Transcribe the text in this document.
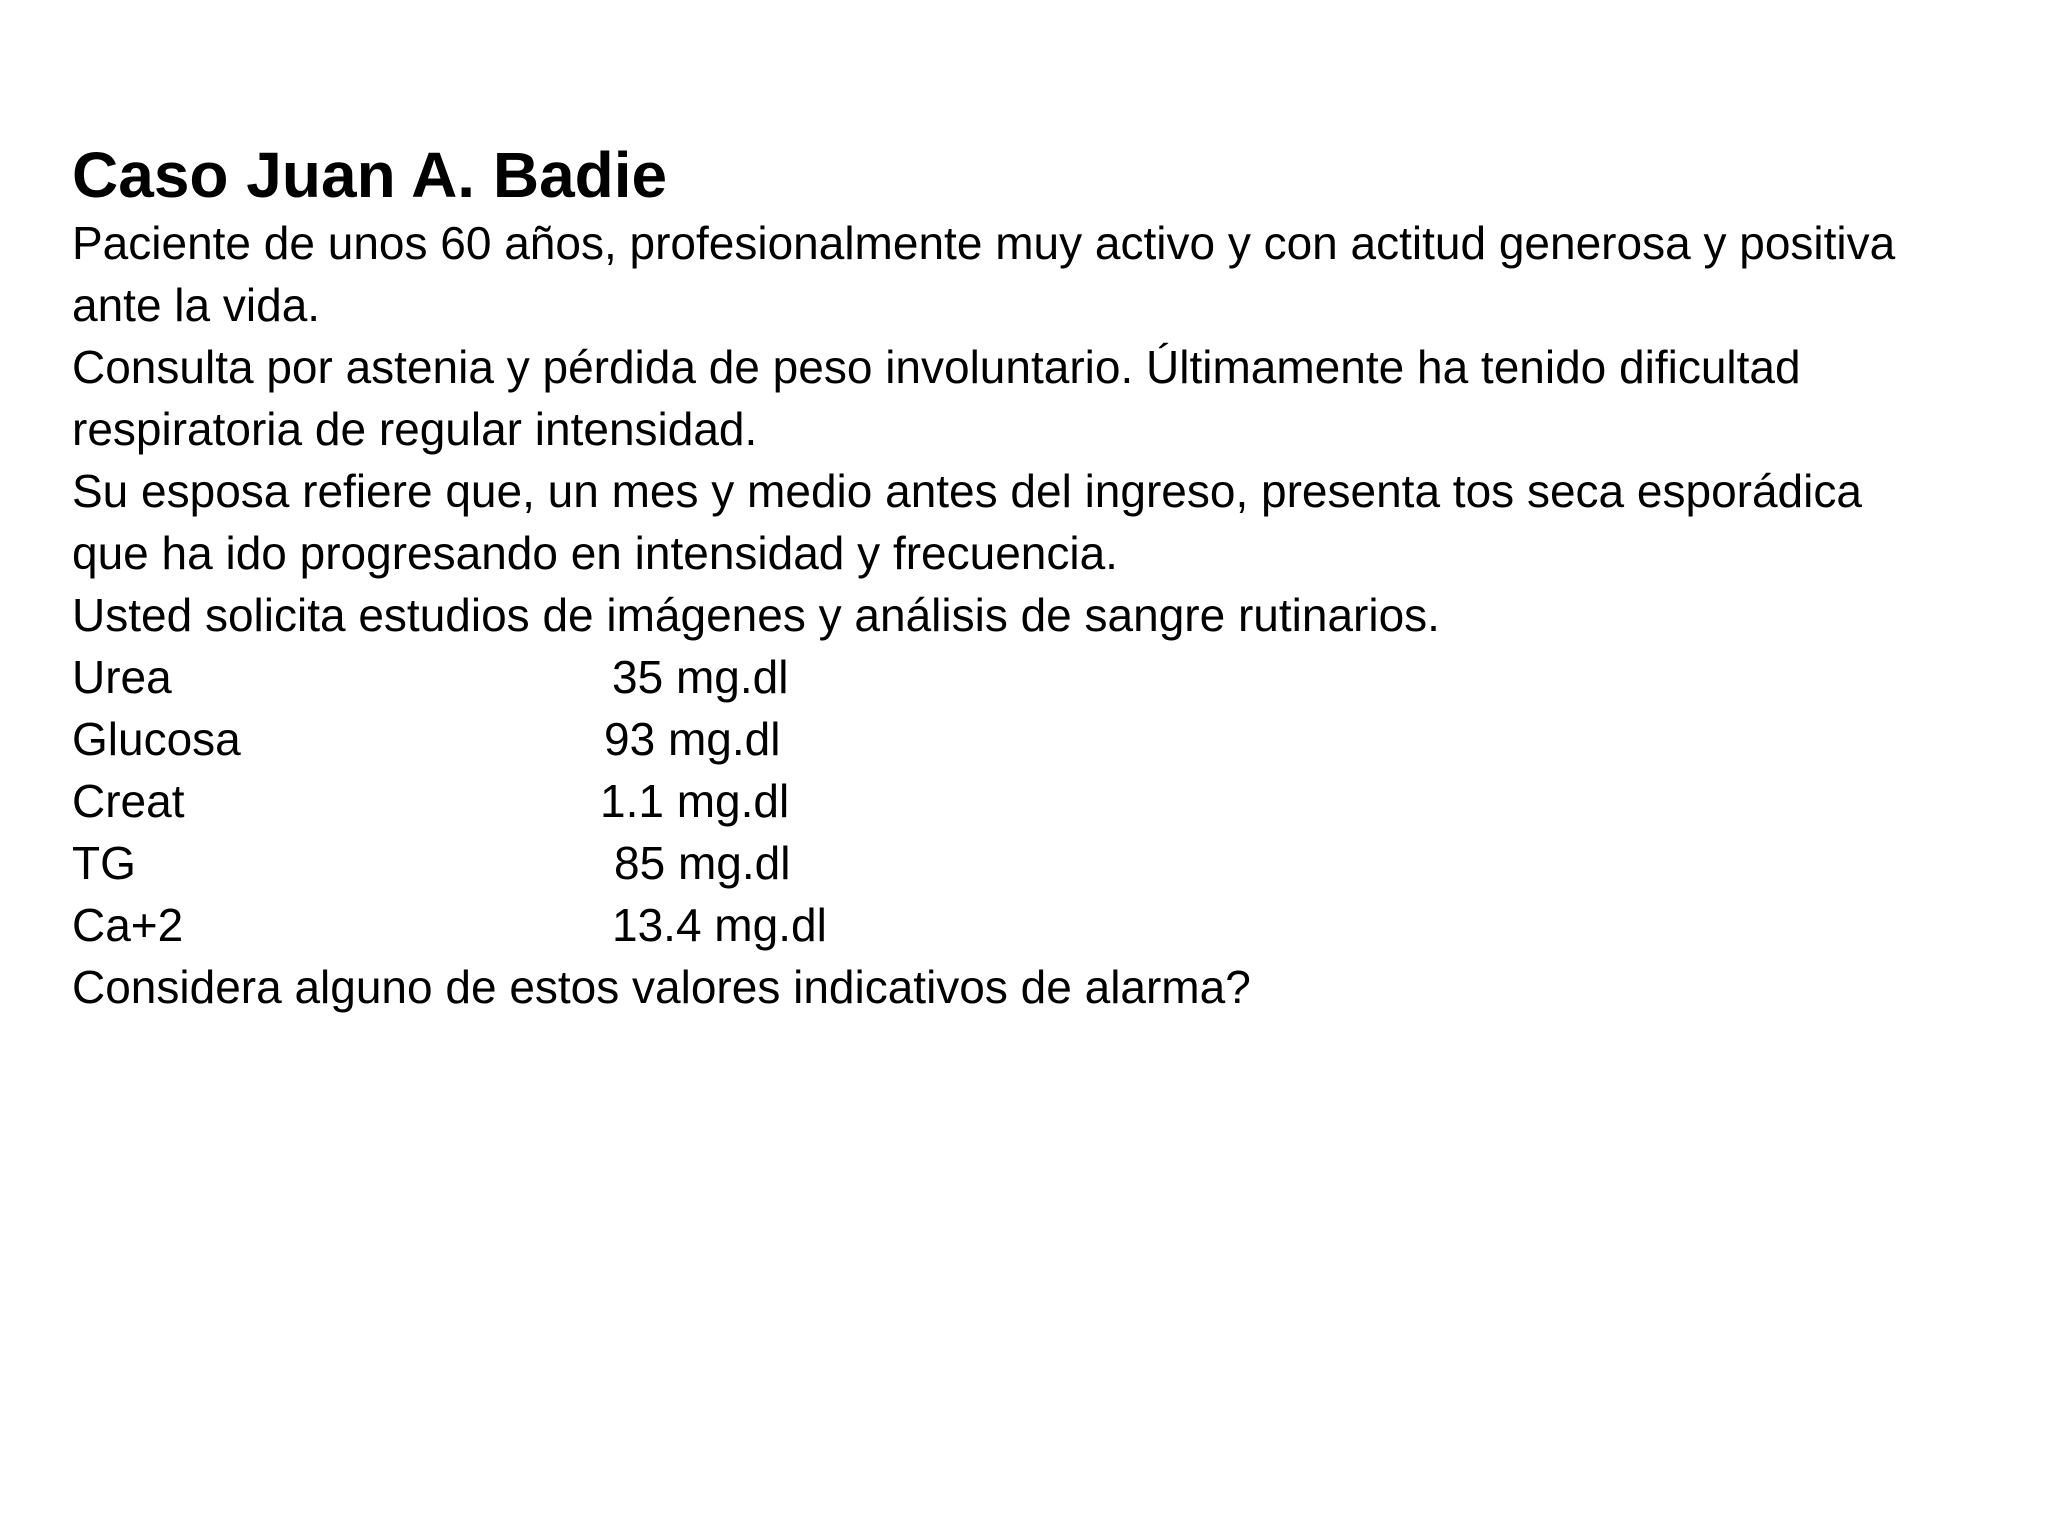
Caso Juan A. Badie

Paciente de unos 60 años, profesionalmente muy activo y con actitud generosa y positiva ante la vida.

Consulta por astenia y pérdida de peso involuntario. Últimamente ha tenido dificultad respiratoria de regular intensidad.

Su esposa refiere que, un mes y medio antes del ingreso, presenta tos seca esporádica que ha ido progresando en intensidad y frecuencia.

Usted solicita estudios de imágenes y análisis de sangre rutinarios.

Urea	35 mg.dl
Glucosa	93 mg.dl
Creat	1.1 mg.dl
TG	85 mg.dl
Ca+2	13.4 mg.dl

Considera alguno de estos valores indicativos de alarma?
